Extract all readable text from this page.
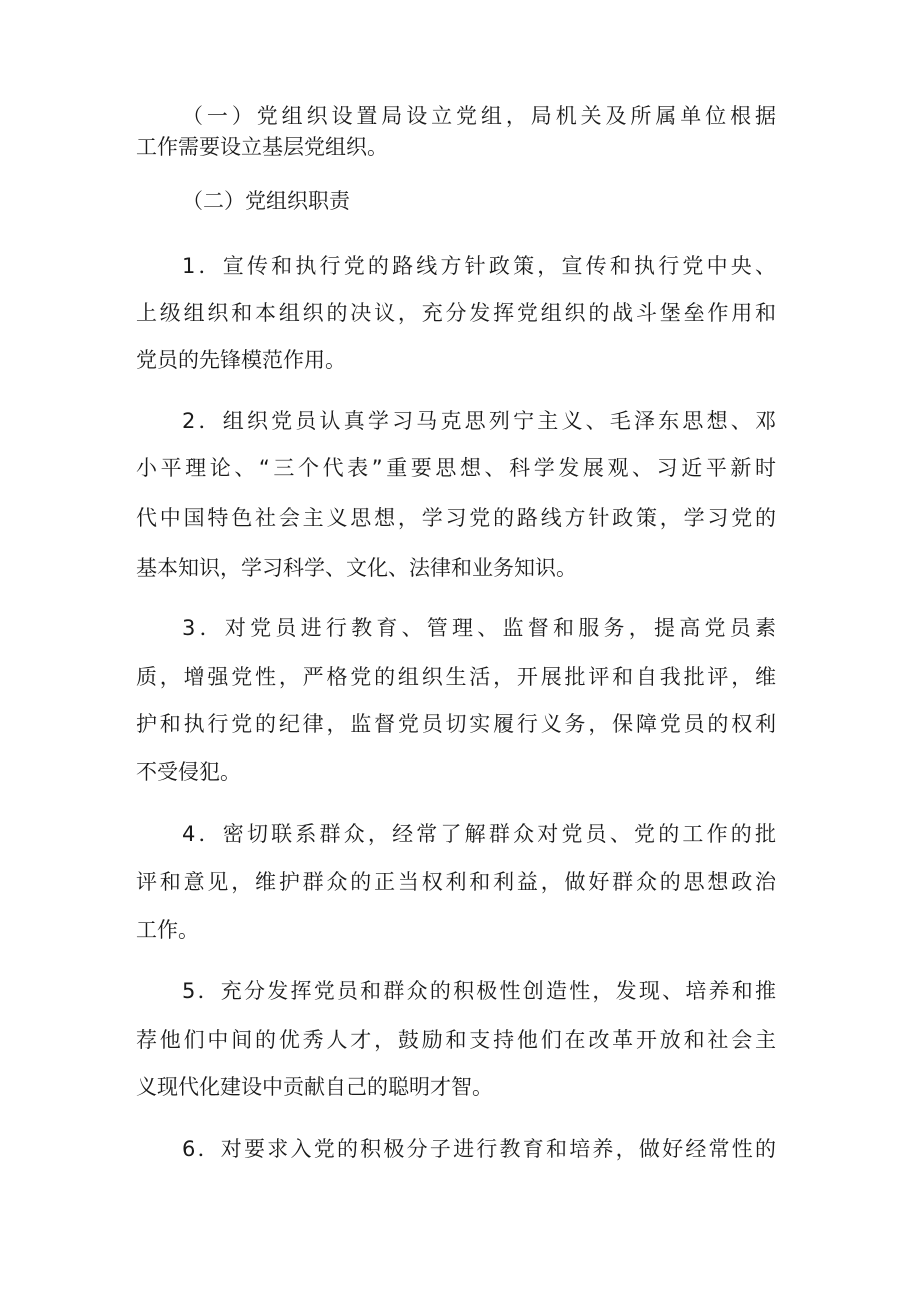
（一）党组织设置局设立党组，局机关及所属单位根据
工作需要设立基层党组织。
（二）党组织职责
1．宣传和执行党的路线方针政策，宣传和执行党中央、
上级组织和本组织的决议，充分发挥党组织的战斗堡垒作用和
党员的先锋模范作用。
2．组织党员认真学习马克思列宁主义、毛泽东思想、邓
小平理论、“三个代表”重要思想、科学发展观、习近平新时
代中国特色社会主义思想，学习党的路线方针政策，学习党的
基本知识，学习科学、文化、法律和业务知识。
3．对党员进行教育、管理、监督和服务，提高党员素
质，增强党性，严格党的组织生活，开展批评和自我批评，维
护和执行党的纪律，监督党员切实履行义务，保障党员的权利
不受侵犯。
4．密切联系群众，经常了解群众对党员、党的工作的批
评和意见，维护群众的正当权利和利益，做好群众的思想政治
工作。
5．充分发挥党员和群众的积极性创造性，发现、培养和推
荐他们中间的优秀人才，鼓励和支持他们在改革开放和社会主
义现代化建设中贡献自己的聪明才智。
6．对要求入党的积极分子进行教育和培养，做好经常性的
